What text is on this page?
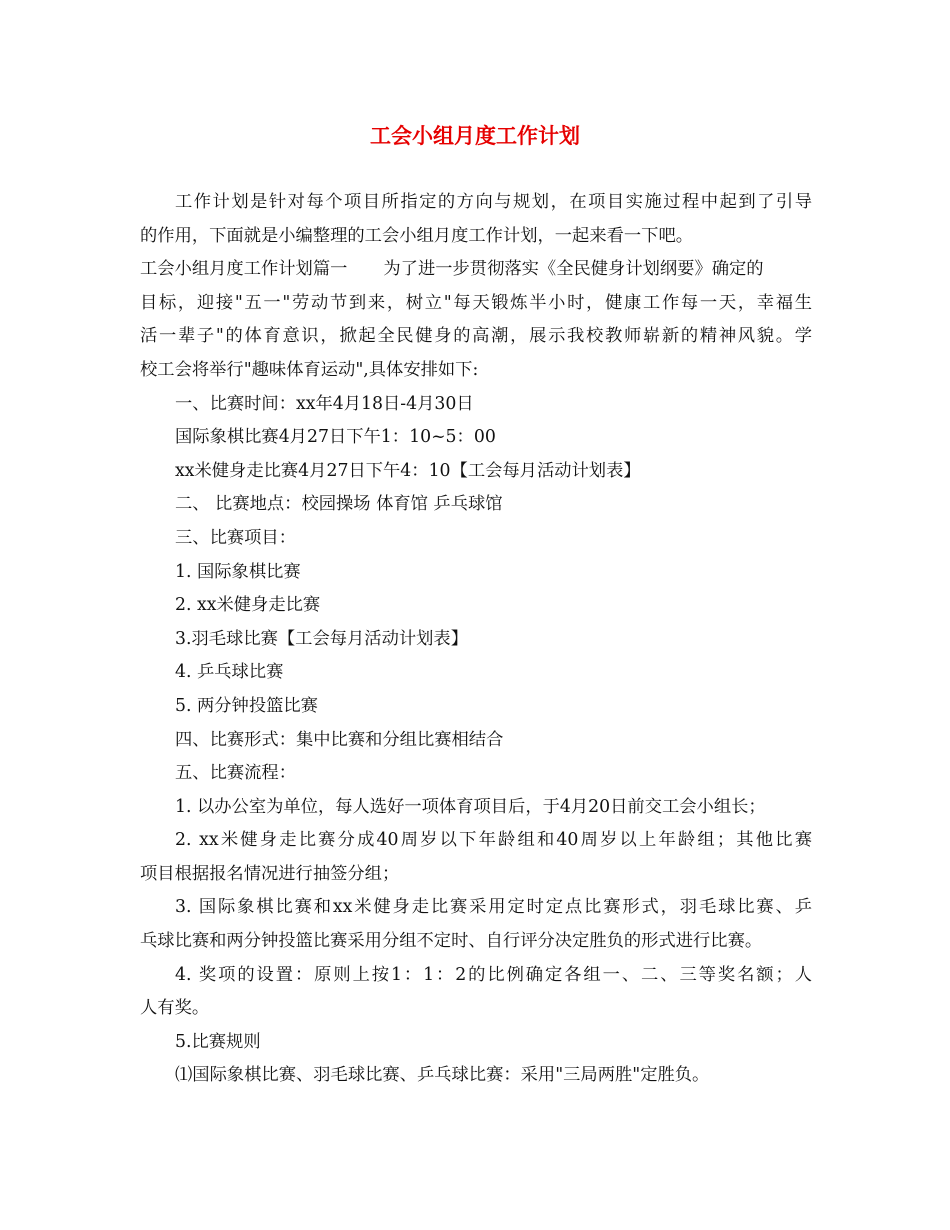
工会小组月度工作计划
工作计划是针对每个项目所指定的方向与规划，在项目实施过程中起到了引导
的作用，下面就是小编整理的工会小组月度工作计划，一起来看一下吧。
工会小组月度工作计划篇一 为了进一步贯彻落实《全民健身计划纲要》确定的
目标，迎接"五一"劳动节到来，树立"每天锻炼半小时，健康工作每一天，幸福生
活一辈子"的体育意识，掀起全民健身的高潮，展示我校教师崭新的精神风貌。学
校工会将举行"趣味体育运动",具体安排如下:
一、比赛时间：xx年4月18日-4月30日
国际象棋比赛4月27日下午1：10~5：00
xx米健身走比赛4月27日下午4：10【工会每月活动计划表】
二、 比赛地点：校园操场 体育馆 乒乓球馆
三、比赛项目：
1. 国际象棋比赛
2. xx米健身走比赛
3.羽毛球比赛【工会每月活动计划表】
4. 乒乓球比赛
5. 两分钟投篮比赛
四、比赛形式：集中比赛和分组比赛相结合
五、比赛流程：
1. 以办公室为单位，每人选好一项体育项目后，于4月20日前交工会小组长；
2. xx米健身走比赛分成40周岁以下年龄组和40周岁以上年龄组；其他比赛
项目根据报名情况进行抽签分组；
3. 国际象棋比赛和xx米健身走比赛采用定时定点比赛形式，羽毛球比赛、乒
乓球比赛和两分钟投篮比赛采用分组不定时、自行评分决定胜负的形式进行比赛。
4. 奖项的设置：原则上按1：1：2的比例确定各组一、二、三等奖名额；人
人有奖。
5.比赛规则
⑴国际象棋比赛、羽毛球比赛、乒乓球比赛：采用"三局两胜"定胜负。
